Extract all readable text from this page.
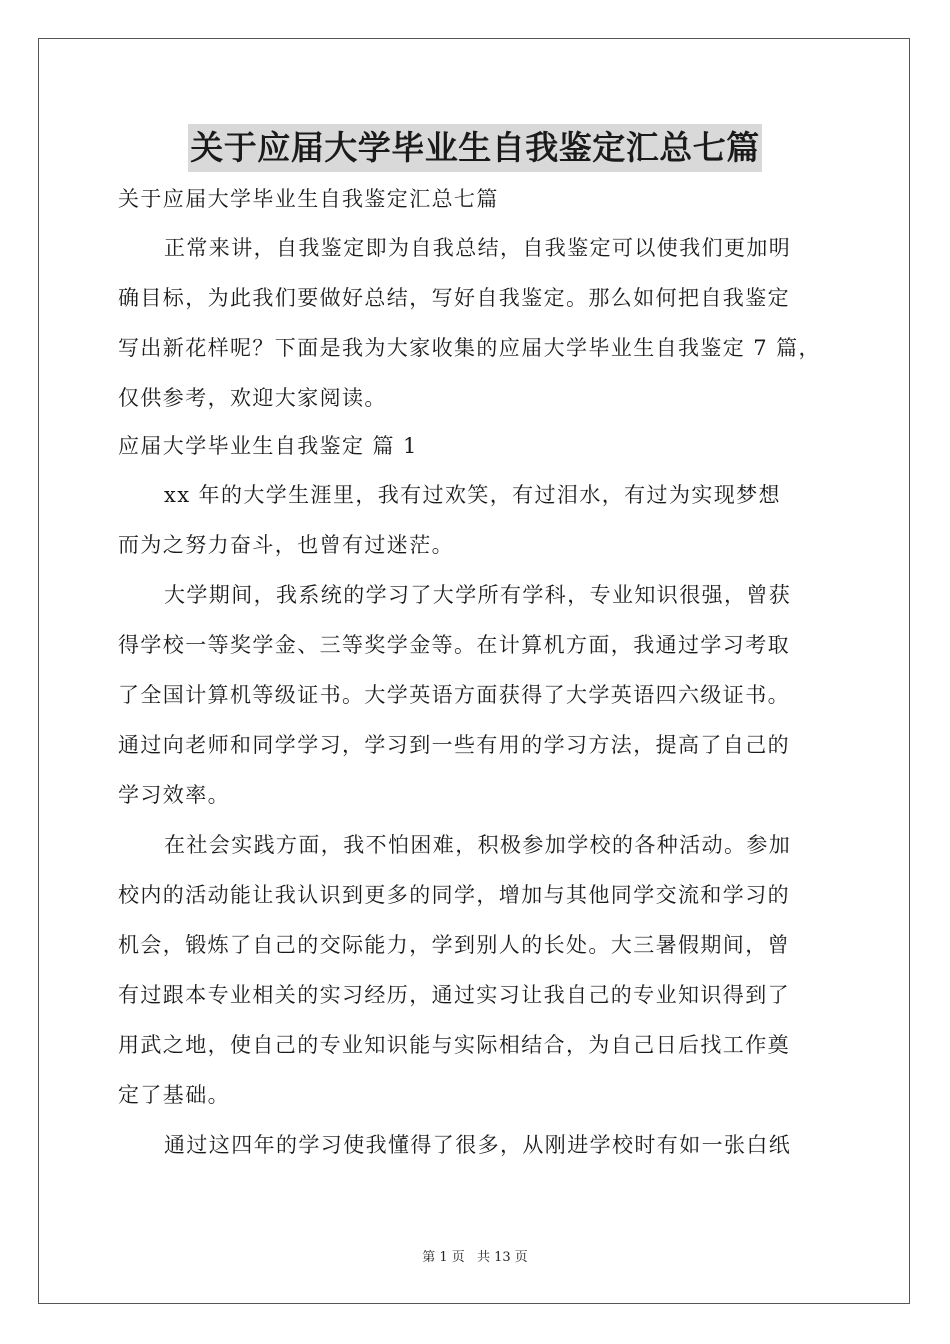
关于应届大学毕业生自我鉴定汇总七篇
关于应届大学毕业生自我鉴定汇总七篇
正常来讲，自我鉴定即为自我总结，自我鉴定可以使我们更加明
确目标，为此我们要做好总结，写好自我鉴定。那么如何把自我鉴定
写出新花样呢？下面是我为大家收集的应届大学毕业生自我鉴定 7 篇，
仅供参考，欢迎大家阅读。
应届大学毕业生自我鉴定 篇 1
xx 年的大学生涯里，我有过欢笑，有过泪水，有过为实现梦想
而为之努力奋斗，也曾有过迷茫。
大学期间，我系统的学习了大学所有学科，专业知识很强，曾获
得学校一等奖学金、三等奖学金等。在计算机方面，我通过学习考取
了全国计算机等级证书。大学英语方面获得了大学英语四六级证书。
通过向老师和同学学习，学习到一些有用的学习方法，提高了自己的
学习效率。
在社会实践方面，我不怕困难，积极参加学校的各种活动。参加
校内的活动能让我认识到更多的同学，增加与其他同学交流和学习的
机会，锻炼了自己的交际能力，学到别人的长处。大三暑假期间，曾
有过跟本专业相关的实习经历，通过实习让我自己的专业知识得到了
用武之地，使自己的专业知识能与实际相结合，为自己日后找工作奠
定了基础。
通过这四年的学习使我懂得了很多，从刚进学校时有如一张白纸
第 1 页 共 13 页
